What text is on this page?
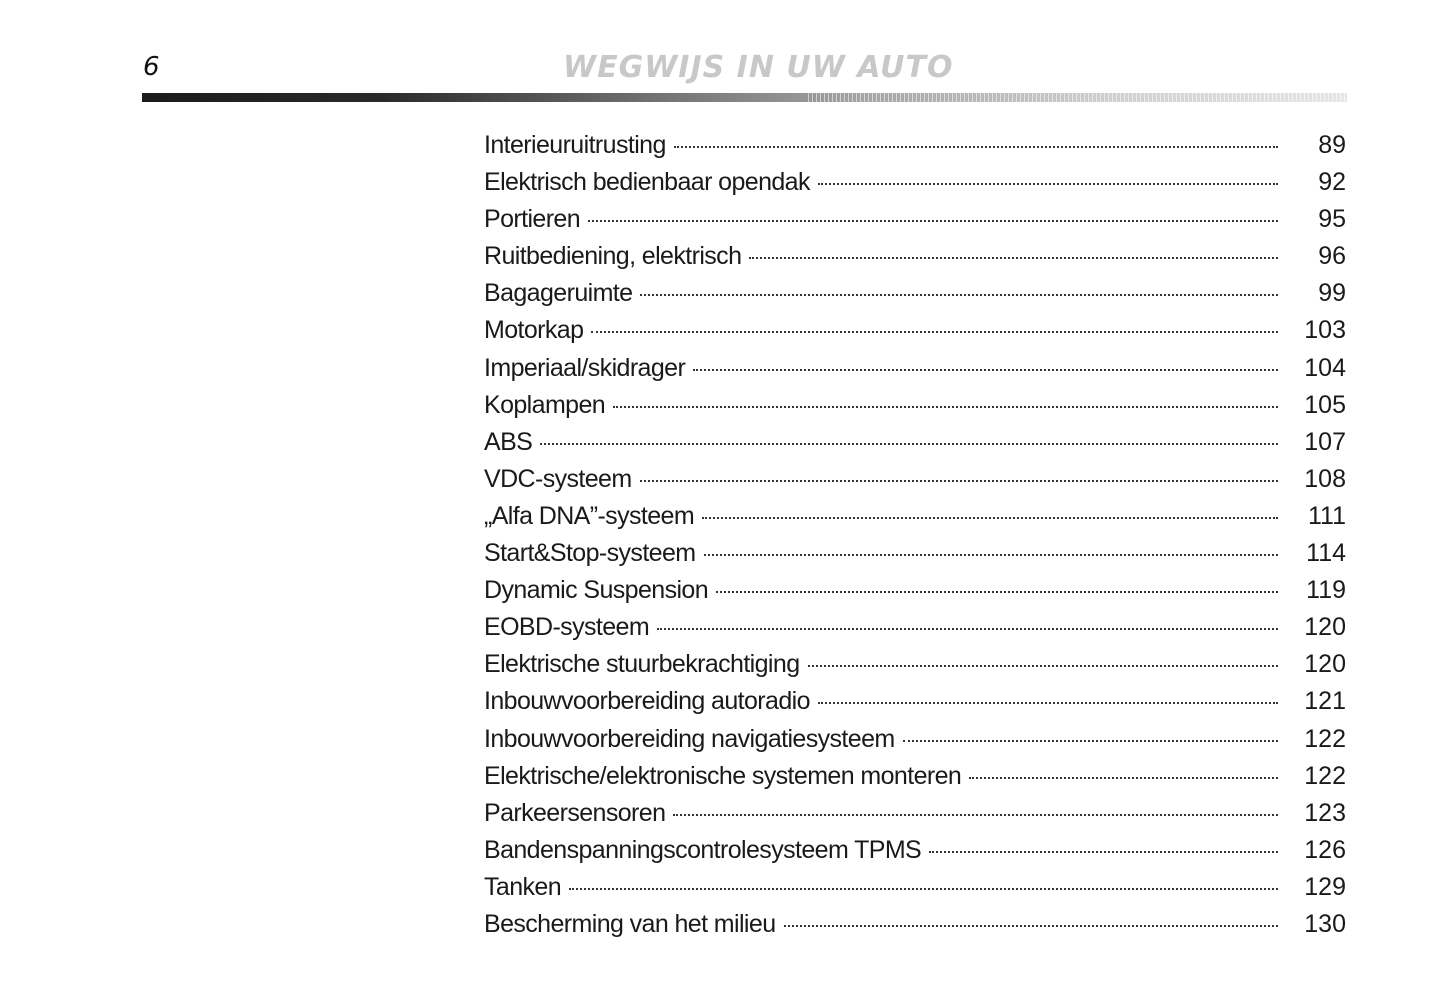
6	WEGWIJS IN UW AUTO
Interieuruitrusting	89
Elektrisch bedienbaar opendak	92
Portieren	95
Ruitbediening, elektrisch	96
Bagageruimte	99
Motorkap	103
Imperiaal/skidrager	104
Koplampen	105
ABS	107
VDC-systeem	108
„Alfa DNA”-systeem	111
Start&Stop-systeem	114
Dynamic Suspension	119
EOBD-systeem	120
Elektrische stuurbekrachtiging	120
Inbouwvoorbereiding autoradio	121
Inbouwvoorbereiding navigatiesysteem	122
Elektrische/elektronische systemen monteren	122
Parkeersensoren	123
Bandenspanningscontrolesysteem TPMS	126
Tanken	129
Bescherming van het milieu	130
